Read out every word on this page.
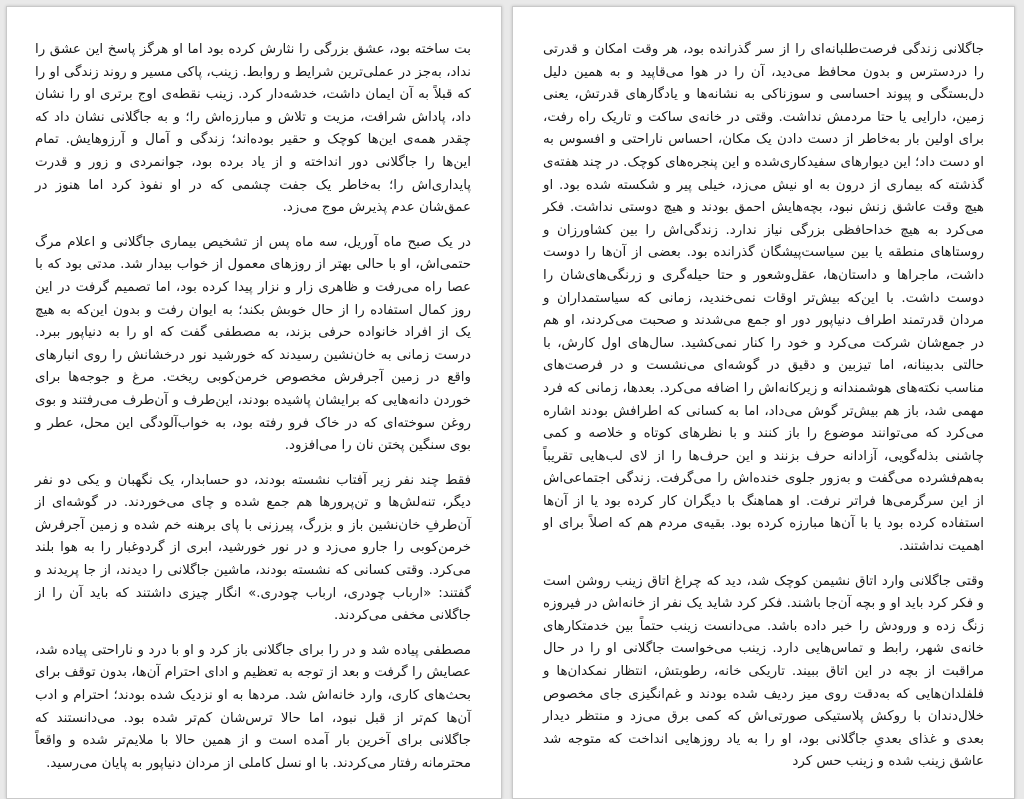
بت ساخته بود، عشق بزرگی را نثارش کرده بود اما او هرگز پاسخ این عشق را نداد، به‌جز در عملی‌ترین شرایط و روابط. زینب، پاکی مسیر و روند زندگی او را که قبلاً به آن ایمان داشت، خدشه‌دار کرد. زینب نقطه‌ی اوج برتری او را نشان داد، پاداش شرافت، مزیت و تلاش و مبارزه‌اش را؛ و به جاگلانی نشان داد که چقدر همه‌ی این‌ها کوچک و حقیر بوده‌اند؛ زندگی و آمال و آرزوهایش. تمام این‌ها را جاگلانی دور انداخته و از یاد برده بود، جوانمردی و زور و قدرت پایداری‌اش را؛ به‌خاطر یک جفت چشمی که در او نفوذ کرد اما هنوز در عمق‌شان عدم پذیرش موج می‌زد.

در یک صبح ماه آوریل، سه ماه پس از تشخیص بیماری جاگلانی و اعلام مرگ حتمی‌اش، او با حالی بهتر از روزهای معمول از خواب بیدار شد. مدتی بود که با عصا راه می‌رفت و ظاهری زار و نزار پیدا کرده بود، اما تصمیم گرفت در این روز کمال استفاده را از حال خوبش بکند؛ به ایوان رفت و بدون این‌که به هیچ یک از افراد خانواده حرفی بزند، به مصطفی گفت که او را به دنیاپور ببرد. درست زمانی به خان‌نشین رسیدند که خورشید نور درخشانش را روی انبارهای واقع در زمین آجرفرش مخصوص خرمن‌کوبی ریخت. مرغ و جوجه‌ها برای خوردن دانه‌هایی که برایشان پاشیده بودند، این‌طرف و آن‌طرف می‌رفتند و بوی روغن سوخته‌ای که در خاک فرو رفته بود، به خواب‌آلودگی این محل، عطر و بوی سنگین پختن نان را می‌افزود.

فقط چند نفر زیر آفتاب نشسته بودند، دو حسابدار، یک نگهبان و یکی دو نفر دیگر، تنه‌لش‌ها و تن‌پرورها هم جمع شده و چای می‌خوردند. در گوشه‌ای از آن‌طرفِ خان‌نشین باز و بزرگ، پیرزنی با پای برهنه خم شده و زمین آجرفرش خرمن‌کوبی را جارو می‌زد و در نور خورشید، ابری از گردوغبار را به هوا بلند می‌کرد. وقتی کسانی که نشسته بودند، ماشین جاگلانی را دیدند، از جا پریدند و گفتند: «ارباب چودری، ارباب چودری.» انگار چیزی داشتند که باید آن را از جاگلانی مخفی می‌کردند.

مصطفی پیاده شد و در را برای جاگلانی باز کرد و او با درد و ناراحتی پیاده شد، عصایش را گرفت و بعد از توجه به تعظیم و ادای احترام آن‌ها، بدون توقف برای بحث‌های کاری، وارد خانه‌اش شد. مردها به او نزدیک شده بودند؛ احترام و ادب آن‌ها کم‌تر از قبل نبود، اما حالا ترس‌شان کم‌تر شده بود. می‌دانستند که جاگلانی برای آخرین بار آمده است و از همین حالا با ملایم‌تر شده و واقعاً محترمانه رفتار می‌کردند. با او نسل کاملی از مردان دنیاپور به پایان می‌رسید.

جاگلانی زندگی فرصت‌طلبانه‌ای را از سر گذرانده بود، هر وقت امکان و قدرتی را دردسترس و بدون محافظ می‌دید، آن را در هوا می‌قاپید و به همین دلیل دل‌بستگی و پیوند احساسی و سوزناکی به نشانه‌ها و یادگارهای قدرتش، یعنی زمین، دارایی یا حتا مردمش نداشت. وقتی در خانه‌ی ساکت و تاریک راه رفت، برای اولین بار به‌خاطر از دست دادن یک مکان، احساس ناراحتی و افسوس به او دست داد؛ این دیوارهای سفیدکاری‌شده و این پنجره‌های کوچک. در چند هفته‌ی گذشته که بیماری از درون به او نیش می‌زد، خیلی پیر و شکسته شده بود. او هیچ وقت عاشق زنش نبود، بچه‌هایش احمق بودند و هیچ دوستی نداشت. فکر می‌کرد به هیچ خداحافظی بزرگی نیاز ندارد. زندگی‌اش را بین کشاورزان و روستاهای منطقه یا بین سیاست‌پیشگان گذرانده بود. بعضی از آن‌ها را دوست داشت، ماجراها و داستان‌ها، عقل‌وشعور و حتا حیله‌گری و زرنگی‌های‌شان را دوست داشت. با این‌که بیش‌تر اوقات نمی‌خندید، زمانی که سیاستمداران و مردان قدرتمند اطراف دنیاپور دور او جمع می‌شدند و صحبت می‌کردند، او هم در جمع‌شان شرکت می‌کرد و خود را کنار نمی‌کشید. سال‌های اول کارش، با حالتی بدبینانه، اما تیزبین و دقیق در گوشه‌ای می‌نشست و در فرصت‌های مناسب نکته‌های هوشمندانه و زیرکانه‌اش را اضافه می‌کرد. بعدها، زمانی که فرد مهمی شد، باز هم بیش‌تر گوش می‌داد، اما به کسانی که اطرافش بودند اشاره می‌کرد که می‌توانند موضوع را باز کنند و با نظرهای کوتاه و خلاصه و کمی چاشنی بذله‌گویی، آزادانه حرف بزنند و این حرف‌ها را از لای لب‌هایی تقریباً به‌هم‌فشرده می‌گفت و به‌زور جلوی خنده‌اش را می‌گرفت. زندگی اجتماعی‌اش از این سرگرمی‌ها فراتر نرفت. او هماهنگ با دیگران کار کرده بود یا از آن‌ها استفاده کرده بود یا با آن‌ها مبارزه کرده بود. بقیه‌ی مردم هم که اصلاً برای او اهمیت نداشتند.

وقتی جاگلانی وارد اتاق نشیمن کوچک شد، دید که چراغ اتاق زینب روشن است و فکر کرد باید او و بچه آن‌جا باشند. فکر کرد شاید یک نفر از خانه‌اش در فیروزه زنگ زده و ورودش را خبر داده باشد. می‌دانست زینب حتماً بین خدمتکارهای خانه‌ی شهر، رابط و تماس‌هایی دارد. زینب می‌خواست جاگلانی او را در حال مراقبت از بچه در این اتاق ببیند. تاریکی خانه، رطوبتش، انتظار نمکدان‌ها و فلفلدان‌هایی که به‌دقت روی میز ردیف شده بودند و غم‌انگیزی جای مخصوص خلال‌دندان با روکش پلاستیکی صورتی‌اش که کمی برق می‌زد و منتظر دیدار بعدی و غذای بعدیِ جاگلانی بود، او را به یاد روزهایی انداخت که متوجه شد عاشق زینب شده و زینب حس کرد
